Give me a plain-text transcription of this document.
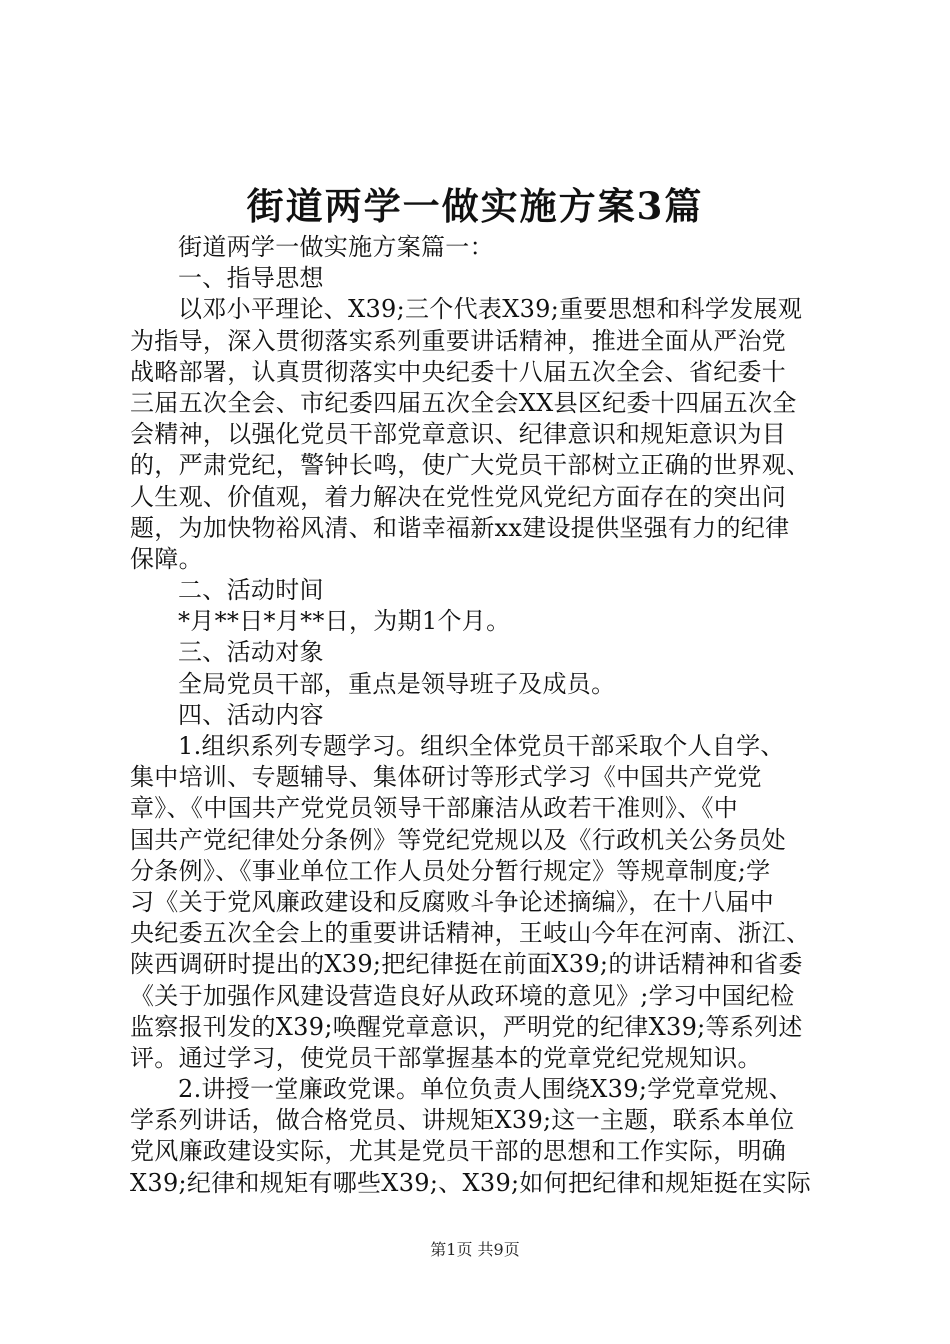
街道两学一做实施方案3篇
街道两学一做实施方案篇一：
一、指导思想
以邓小平理论、X39;三个代表X39;重要思想和科学发展观
为指导，深入贯彻落实系列重要讲话精神，推进全面从严治党
战略部署，认真贯彻落实中央纪委十八届五次全会、省纪委十
三届五次全会、市纪委四届五次全会XX县区纪委十四届五次全
会精神，以强化党员干部党章意识、纪律意识和规矩意识为目
的，严肃党纪，警钟长鸣，使广大党员干部树立正确的世界观、
人生观、价值观，着力解决在党性党风党纪方面存在的突出问
题，为加快物裕风清、和谐幸福新xx建设提供坚强有力的纪律
保障。
二、活动时间
*月**日*月**日，为期1个月。
三、活动对象
全局党员干部，重点是领导班子及成员。
四、活动内容
1.组织系列专题学习。组织全体党员干部采取个人自学、
集中培训、专题辅导、集体研讨等形式学习《中国共产党党
章》、《中国共产党党员领导干部廉洁从政若干准则》、《中
国共产党纪律处分条例》等党纪党规以及《行政机关公务员处
分条例》、《事业单位工作人员处分暂行规定》等规章制度;学
习《关于党风廉政建设和反腐败斗争论述摘编》，在十八届中
央纪委五次全会上的重要讲话精神，王岐山今年在河南、浙江、
陕西调研时提出的X39;把纪律挺在前面X39;的讲话精神和省委
《关于加强作风建设营造良好从政环境的意见》;学习中国纪检
监察报刊发的X39;唤醒党章意识，严明党的纪律X39;等系列述
评。通过学习，使党员干部掌握基本的党章党纪党规知识。
2.讲授一堂廉政党课。单位负责人围绕X39;学党章党规、
学系列讲话，做合格党员、讲规矩X39;这一主题，联系本单位
党风廉政建设实际，尤其是党员干部的思想和工作实际，明确
X39;纪律和规矩有哪些X39;、X39;如何把纪律和规矩挺在实际
第1页 共9页
